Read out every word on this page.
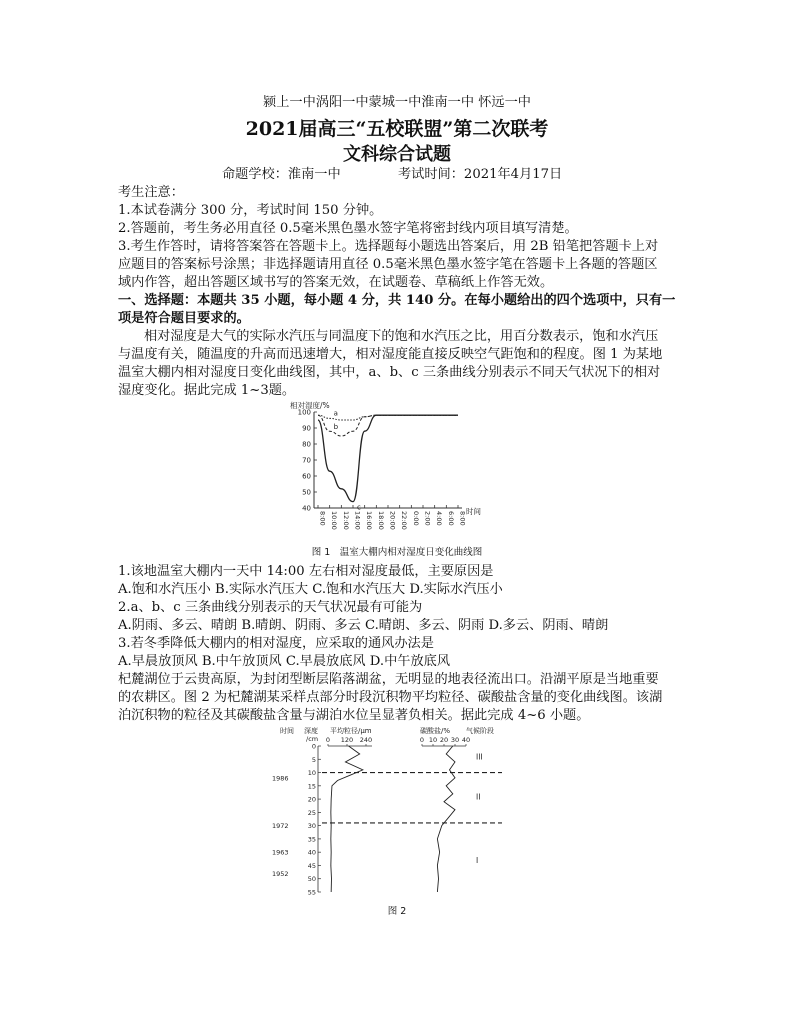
颍上一中涡阳一中蒙城一中淮南一中 怀远一中
2021届高三“五校联盟”第二次联考
文科综合试题
命题学校：淮南一中	考试时间：2021年4月17日
考生注意：
1.本试卷满分 300 分，考试时间 150 分钟。
2.答题前，考生务必用直径 0.5毫米黑色墨水签字笔将密封线内项目填写清楚。
3.考生作答时，请将答案答在答题卡上。选择题每小题选出答案后，用 2B 铅笔把答题卡上对
应题目的答案标号涂黑；非选择题请用直径 0.5毫米黑色墨水签字笔在答题卡上各题的答题区
域内作答，超出答题区域书写的答案无效，在试题卷、草稿纸上作答无效。
一、选择题：本题共 35 小题，每小题 4 分，共 140 分。在每小题给出的四个选项中，只有一
项是符合题目要求的。
相对湿度是大气的实际水汽压与同温度下的饱和水汽压之比，用百分数表示，饱和水汽压
与温度有关，随温度的升高而迅速增大，相对湿度能直接反映空气距饱和的程度。图 1 为某地
温室大棚内相对湿度日变化曲线图，其中，a、b、c 三条曲线分别表示不同天气状况下的相对
湿度变化。据此完成 1~3题。
相对湿度/%
时间
100
90
80
70
60
50
40
8:00 10:00 12:00 14:00 16:00 18:00 20:00 22:00 0:00 2:00 4:00 6:00 8:00
a
b
c
图 1　温室大棚内相对湿度日变化曲线图
1.该地温室大棚内一天中 14:00 左右相对湿度最低，主要原因是
A.饱和水汽压小 B.实际水汽压大 C.饱和水汽压大 D.实际水汽压小
2.a、b、c 三条曲线分别表示的天气状况最有可能为
A.阴雨、多云、晴朗 B.晴朗、阴雨、多云 C.晴朗、多云、阴雨 D.多云、阴雨、晴朗
3.若冬季降低大棚内的相对湿度，应采取的通风办法是
A.早晨放顶风 B.中午放顶风 C.早晨放底风 D.中午放底风
杞麓湖位于云贵高原，为封闭型断层陷落湖盆，无明显的地表径流出口。沿湖平原是当地重要
的农耕区。图 2 为杞麓湖某采样点部分时段沉积物平均粒径、碳酸盐含量的变化曲线图。该湖
泊沉积物的粒径及其碳酸盐含量与湖泊水位呈显著负相关。据此完成 4~6 小题。
时间 深度
/cm
平均粒径/μm	碳酸盐/% 气候阶段
0
5
10
15
20
25
30
35
40
45
50
55
1986
1972
1963
1952
0 120 240	0 10 20 30 40
III
II
I
图 2
